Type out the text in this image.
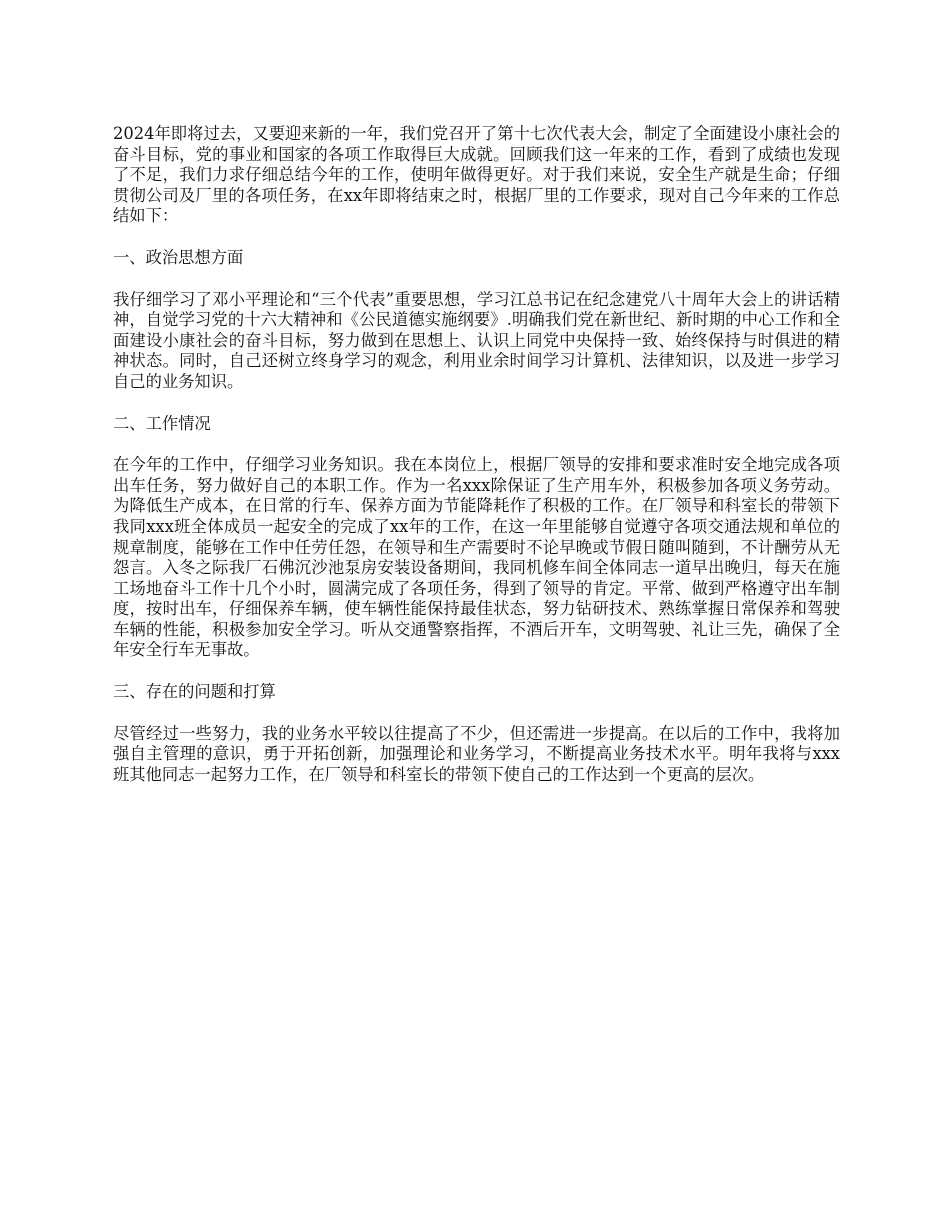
2024年即将过去，又要迎来新的一年，我们党召开了第十七次代表大会，制定了全面建设小康社会的奋斗目标，党的事业和国家的各项工作取得巨大成就。回顾我们这一年来的工作，看到了成绩也发现了不足，我们力求仔细总结今年的工作，使明年做得更好。对于我们来说，安全生产就是生命；仔细贯彻公司及厂里的各项任务，在xx年即将结束之时，根据厂里的工作要求，现对自己今年来的工作总结如下：

一、政治思想方面

我仔细学习了邓小平理论和“三个代表”重要思想，学习江总书记在纪念建党八十周年大会上的讲话精神，自觉学习党的十六大精神和《公民道德实施纲要》.明确我们党在新世纪、新时期的中心工作和全面建设小康社会的奋斗目标，努力做到在思想上、认识上同党中央保持一致、始终保持与时俱进的精神状态。同时，自己还树立终身学习的观念，利用业余时间学习计算机、法律知识，以及进一步学习自己的业务知识。

二、工作情况

在今年的工作中，仔细学习业务知识。我在本岗位上，根据厂领导的安排和要求准时安全地完成各项出车任务，努力做好自己的本职工作。作为一名xxx除保证了生产用车外，积极参加各项义务劳动。为降低生产成本，在日常的行车、保养方面为节能降耗作了积极的工作。在厂领导和科室长的带领下我同xxx班全体成员一起安全的完成了xx年的工作，在这一年里能够自觉遵守各项交通法规和单位的规章制度，能够在工作中任劳任怨，在领导和生产需要时不论早晚或节假日随叫随到，不计酬劳从无怨言。入冬之际我厂石佛沉沙池泵房安装设备期间，我同机修车间全体同志一道早出晚归，每天在施工场地奋斗工作十几个小时，圆满完成了各项任务，得到了领导的肯定。平常、做到严格遵守出车制度，按时出车，仔细保养车辆，使车辆性能保持最佳状态，努力钻研技术、熟练掌握日常保养和驾驶车辆的性能，积极参加安全学习。听从交通警察指挥，不酒后开车，文明驾驶、礼让三先，确保了全年安全行车无事故。

三、存在的问题和打算

尽管经过一些努力，我的业务水平较以往提高了不少，但还需进一步提高。在以后的工作中，我将加强自主管理的意识，勇于开拓创新，加强理论和业务学习，不断提高业务技术水平。明年我将与xxx班其他同志一起努力工作，在厂领导和科室长的带领下使自己的工作达到一个更高的层次。
